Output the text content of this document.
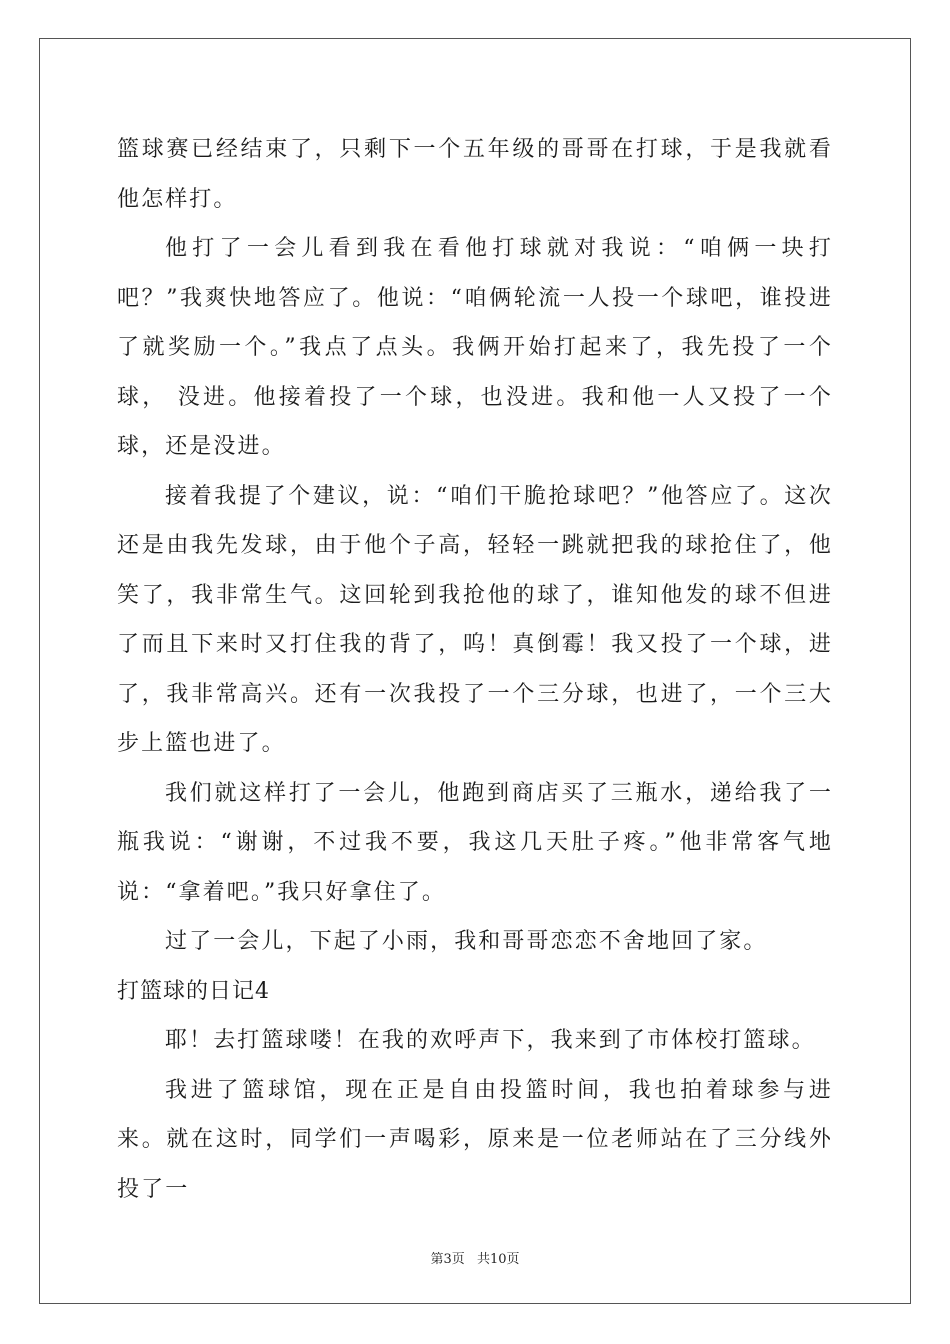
篮球赛已经结束了，只剩下一个五年级的哥哥在打球，于是我就看他怎样打。

他打了一会儿看到我在看他打球就对我说：“咱俩一块打吧？”我爽快地答应了。他说：“咱俩轮流一人投一个球吧，谁投进了就奖励一个。”我点了点头。我俩开始打起来了，我先投了一个球， 没进。他接着投了一个球，也没进。我和他一人又投了一个球，还是没进。

接着我提了个建议，说：“咱们干脆抢球吧？”他答应了。这次还是由我先发球，由于他个子高，轻轻一跳就把我的球抢住了，他笑了，我非常生气。这回轮到我抢他的球了，谁知他发的球不但进 了而且下来时又打住我的背了，呜！真倒霉！我又投了一个球，进了，我非常高兴。还有一次我投了一个三分球，也进了，一个三大步上篮也进了。

我们就这样打了一会儿，他跑到商店买了三瓶水，递给我了一瓶我说：“谢谢，不过我不要，我这几天肚子疼。”他非常客气地说：“拿着吧。”我只好拿住了。

过了一会儿，下起了小雨，我和哥哥恋恋不舍地回了家。

打篮球的日记4

耶！去打篮球喽！在我的欢呼声下，我来到了市体校打篮球。

我进了篮球馆，现在正是自由投篮时间，我也拍着球参与进来。就在这时，同学们一声喝彩，原来是一位老师站在了三分线外投了一

第3页 共10页
